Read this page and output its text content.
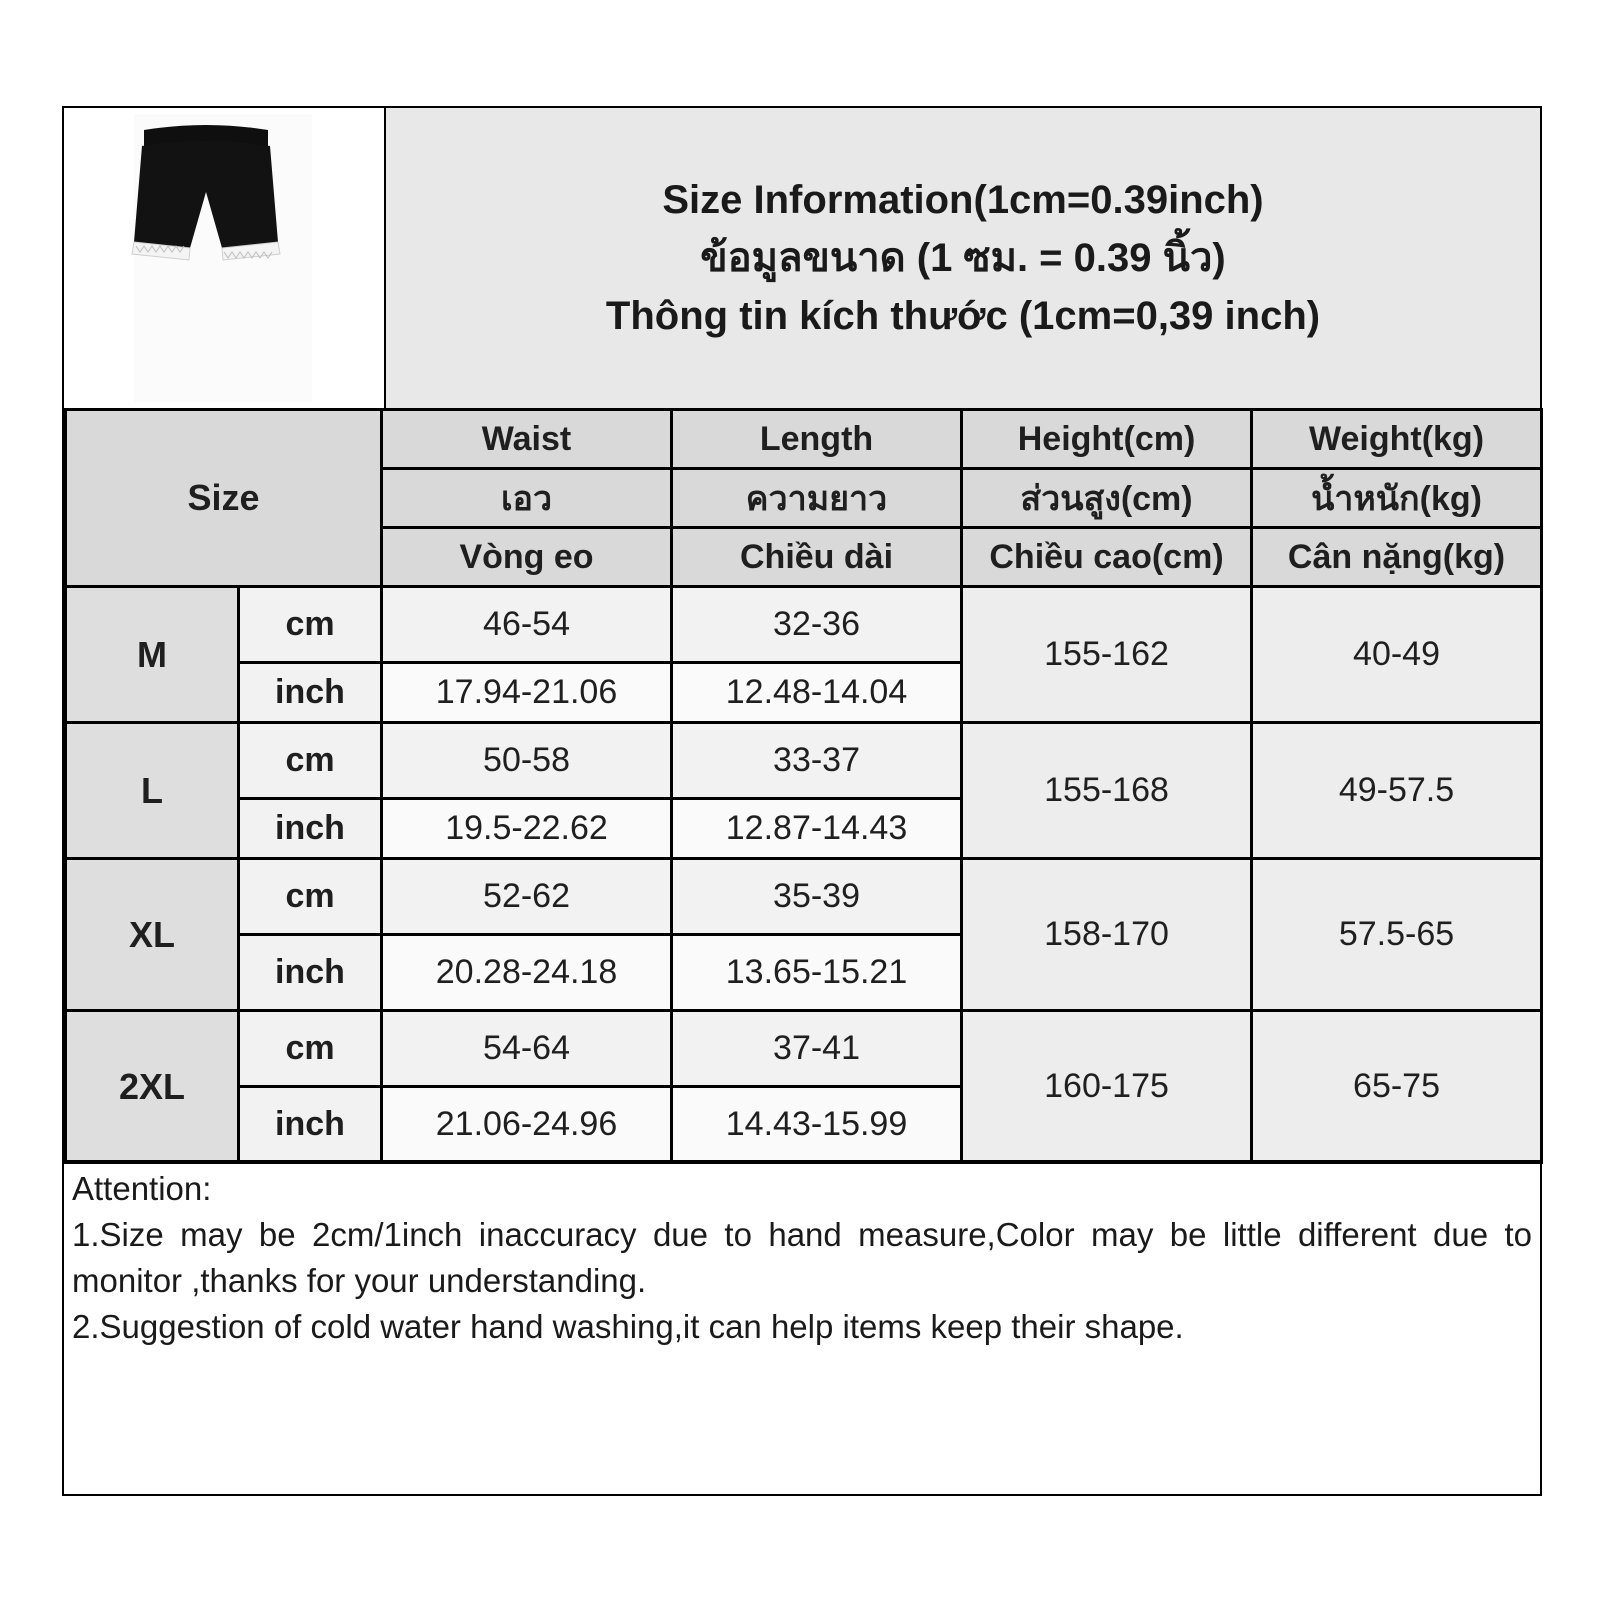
Size Information(1cm=0.39inch)
ข้อมูลขนาด (1 ซม. = 0.39 นิ้ว)
Thông tin kích thước (1cm=0,39 inch)
Size		Waist	Length	Height(cm)	Weight(kg)
		เอว	ความยาว	ส่วนสูง(cm)	น้ำหนัก(kg)
		Vòng eo	Chiều dài	Chiều cao(cm)	Cân nặng(kg)
M	cm	46-54	32-36	155-162	40-49
	inch	17.94-21.06	12.48-14.04		
L	cm	50-58	33-37	155-168	49-57.5
	inch	19.5-22.62	12.87-14.43		
XL	cm	52-62	35-39	158-170	57.5-65
	inch	20.28-24.18	13.65-15.21		
2XL	cm	54-64	37-41	160-175	65-75
	inch	21.06-24.96	14.43-15.99		

Attention:

1.Size may be 2cm/1inch inaccuracy due to hand measure,Color may be little different due to monitor ,thanks for your understanding.

2.Suggestion of cold water hand washing,it can help items keep their shape.
